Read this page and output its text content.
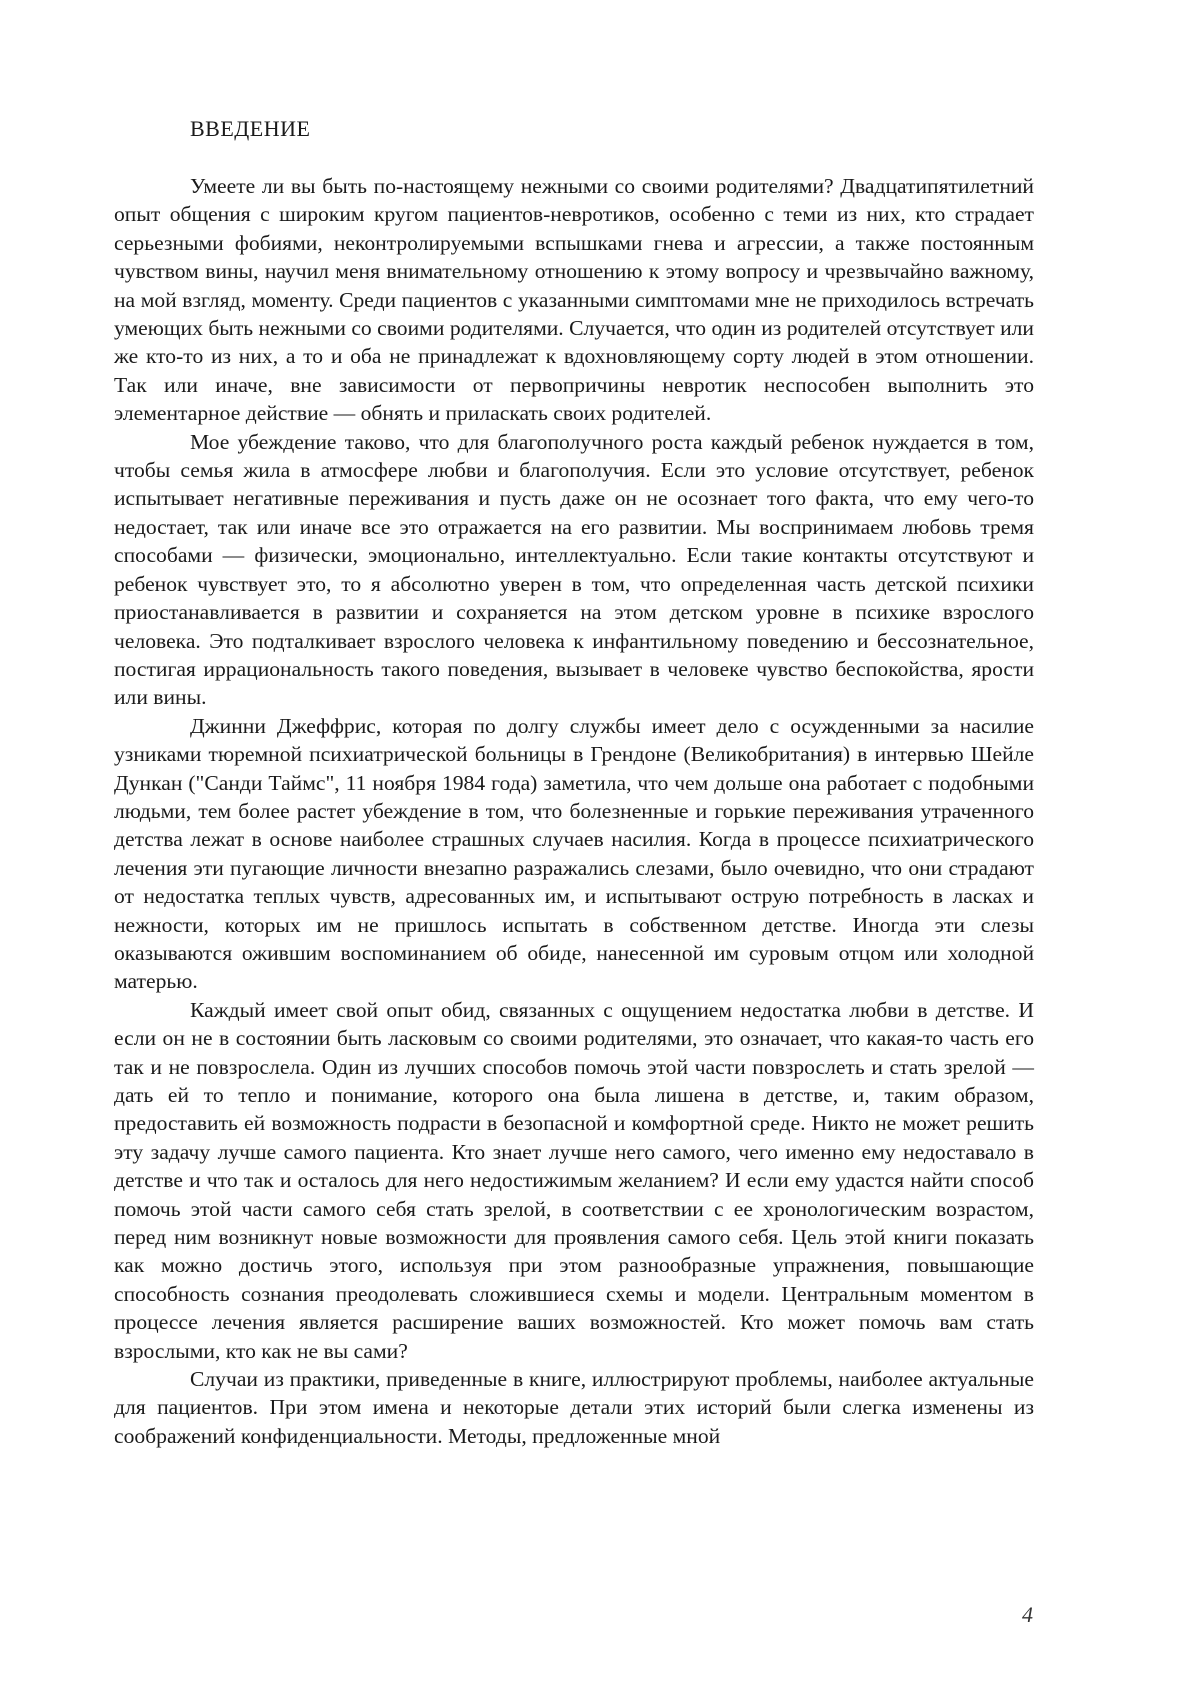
ВВЕДЕНИЕ

Умеете ли вы быть по-настоящему нежными со своими родителями? Двадцатипятилетний опыт общения с широким кругом пациентов-невротиков, особенно с теми из них, кто страдает серьезными фобиями, неконтролируемыми вспышками гнева и агрессии, а также постоянным чувством вины, научил меня внимательному отношению к этому вопросу и чрезвычайно важному, на мой взгляд, моменту. Среди пациентов с указанными симптомами мне не приходилось встречать умеющих быть нежными со своими родителями. Случается, что один из родителей отсутствует или же кто-то из них, а то и оба не принадлежат к вдохновляющему сорту людей в этом отношении. Так или иначе, вне зависимости от первопричины невротик неспособен выполнить это элементарное действие — обнять и приласкать своих родителей.

Мое убеждение таково, что для благополучного роста каждый ребенок нуждается в том, чтобы семья жила в атмосфере любви и благополучия. Если это условие отсутствует, ребенок испытывает негативные переживания и пусть даже он не осознает того факта, что ему чего-то недостает, так или иначе все это отражается на его развитии. Мы воспринимаем любовь тремя способами — физически, эмоционально, интеллектуально. Если такие контакты отсутствуют и ребенок чувствует это, то я абсолютно уверен в том, что определенная часть детской психики приостанавливается в развитии и сохраняется на этом детском уровне в психике взрослого человека. Это подталкивает взрослого человека к инфантильному поведению и бессознательное, постигая иррациональность такого поведения, вызывает в человеке чувство беспокойства, ярости или вины.

Джинни Джеффрис, которая по долгу службы имеет дело с осужденными за насилие узниками тюремной психиатрической больницы в Грендоне (Великобритания) в интервью Шейле Дункан ("Санди Таймс", 11 ноября 1984 года) заметила, что чем дольше она работает с подобными людьми, тем более растет убеждение в том, что болезненные и горькие переживания утраченного детства лежат в основе наиболее страшных случаев насилия. Когда в процессе психиатрического лечения эти пугающие личности внезапно разражались слезами, было очевидно, что они страдают от недостатка теплых чувств, адресованных им, и испытывают острую потребность в ласках и нежности, которых им не пришлось испытать в собственном детстве. Иногда эти слезы оказываются ожившим воспоминанием об обиде, нанесенной им суровым отцом или холодной матерью.

Каждый имеет свой опыт обид, связанных с ощущением недостатка любви в детстве. И если он не в состоянии быть ласковым со своими родителями, это означает, что какая-то часть его так и не повзрослела. Один из лучших способов помочь этой части повзрослеть и стать зрелой — дать ей то тепло и понимание, которого она была лишена в детстве, и, таким образом, предоставить ей возможность подрасти в безопасной и комфортной среде. Никто не может решить эту задачу лучше самого пациента. Кто знает лучше него самого, чего именно ему недоставало в детстве и что так и осталось для него недостижимым желанием? И если ему удастся найти способ помочь этой части самого себя стать зрелой, в соответствии с ее хронологическим возрастом, перед ним возникнут новые возможности для проявления самого себя. Цель этой книги показать как можно достичь этого, используя при этом разнообразные упражнения, повышающие способность сознания преодолевать сложившиеся схемы и модели. Центральным моментом в процессе лечения является расширение ваших возможностей. Кто может помочь вам стать взрослыми, кто как не вы сами?

Случаи из практики, приведенные в книге, иллюстрируют проблемы, наиболее актуальные для пациентов. При этом имена и некоторые детали этих историй были слегка изменены из соображений конфиденциальности. Методы, предложенные мной

4
